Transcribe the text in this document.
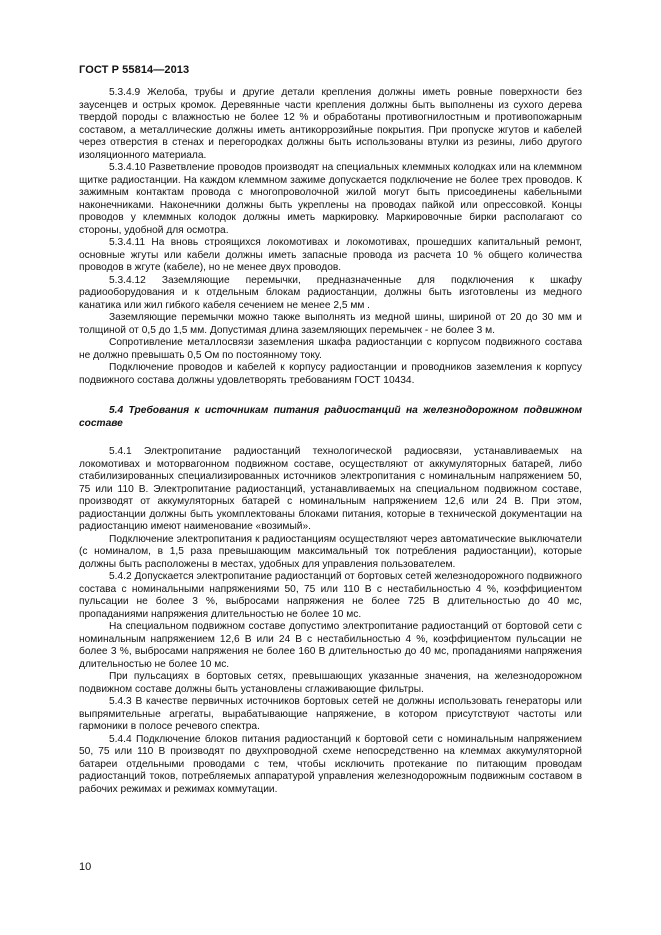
ГОСТ Р 55814—2013

5.3.4.9 Желоба, трубы и другие детали крепления должны иметь ровные поверхности без заусенцев и острых кромок. Деревянные части крепления должны быть выполнены из сухого дерева твердой породы с влажностью не более 12 % и обработаны противогнилостным и противопожарным составом, а металлические должны иметь антикоррозийные покрытия. При пропуске жгутов и кабелей через отверстия в стенах и перегородках должны быть использованы втулки из резины, либо другого изоляционного материала.

5.3.4.10 Разветвление проводов производят на специальных клеммных колодках или на клеммном щитке радиостанции. На каждом клеммном зажиме допускается подключение не более трех проводов. К зажимным контактам провода с многопроволочной жилой могут быть присоединены кабельными наконечниками. Наконечники должны быть укреплены на проводах пайкой или опрессовкой. Концы проводов у клеммных колодок должны иметь маркировку. Маркировочные бирки располагают со стороны, удобной для осмотра.

5.3.4.11 На вновь строящихся локомотивах и локомотивах, прошедших капитальный ремонт, основные жгуты или кабели должны иметь запасные провода из расчета 10 % общего количества проводов в жгуте (кабеле), но не менее двух проводов.

5.3.4.12 Заземляющие перемычки, предназначенные для подключения к шкафу радиооборудования и к отдельным блокам радиостанции, должны быть изготовлены из медного канатика или жил гибкого кабеля сечением не менее 2,5 мм .

Заземляющие перемычки можно также выполнять из медной шины, шириной от 20 до 30 мм и толщиной от 0,5 до 1,5 мм. Допустимая длина заземляющих перемычек - не более 3 м.

Сопротивление металлосвязи заземления шкафа радиостанции с корпусом подвижного состава не должно превышать 0,5 Ом по постоянному току.

Подключение проводов и кабелей к корпусу радиостанции и проводников заземления к корпусу подвижного состава должны удовлетворять требованиям ГОСТ 10434.

5.4 Требования к источникам питания радиостанций на железнодорожном подвижном составе

5.4.1 Электропитание радиостанций технологической радиосвязи, устанавливаемых на локомотивах и моторвагонном подвижном составе, осуществляют от аккумуляторных батарей, либо стабилизированных специализированных источников электропитания с номинальным напряжением 50, 75 или 110 В. Электропитание радиостанций, устанавливаемых на специальном подвижном составе, производят от аккумуляторных батарей с номинальным напряжением 12,6 или 24 В. При этом, радиостанции должны быть укомплектованы блоками питания, которые в технической документации на радиостанцию имеют наименование «возимый».

Подключение электропитания к радиостанциям осуществляют через автоматические выключатели (с номиналом, в 1,5 раза превышающим максимальный ток потребления радиостанции), которые должны быть расположены в местах, удобных для управления пользователем.

5.4.2 Допускается электропитание радиостанций от бортовых сетей железнодорожного подвижного состава с номинальными напряжениями 50, 75 или 110 В с нестабильностью 4 %, коэффициентом пульсации не более 3 %, выбросами напряжения не более 725 В длительностью до 40 мс, пропаданиями напряжения длительностью не более 10 мс.

На специальном подвижном составе допустимо электропитание радиостанций от бортовой сети с номинальным напряжением 12,6 В или 24 В с нестабильностью 4 %, коэффициентом пульсации не более 3 %, выбросами напряжения не более 160 В длительностью до 40 мс, пропаданиями напряжения длительностью не более 10 мс.

При пульсациях в бортовых сетях, превышающих указанные значения, на железнодорожном подвижном составе должны быть установлены сглаживающие фильтры.

5.4.3 В качестве первичных источников бортовых сетей не должны использовать генераторы или выпрямительные агрегаты, вырабатывающие напряжение, в котором присутствуют частоты или гармоники в полосе речевого спектра.

5.4.4 Подключение блоков питания радиостанций к бортовой сети с номинальным напряжением 50, 75 или 110 В производят по двухпроводной схеме непосредственно на клеммах аккумуляторной батареи отдельными проводами с тем, чтобы исключить протекание по питающим проводам радиостанций токов, потребляемых аппаратурой управления железнодорожным подвижным составом в рабочих режимах и режимах коммутации.

10
